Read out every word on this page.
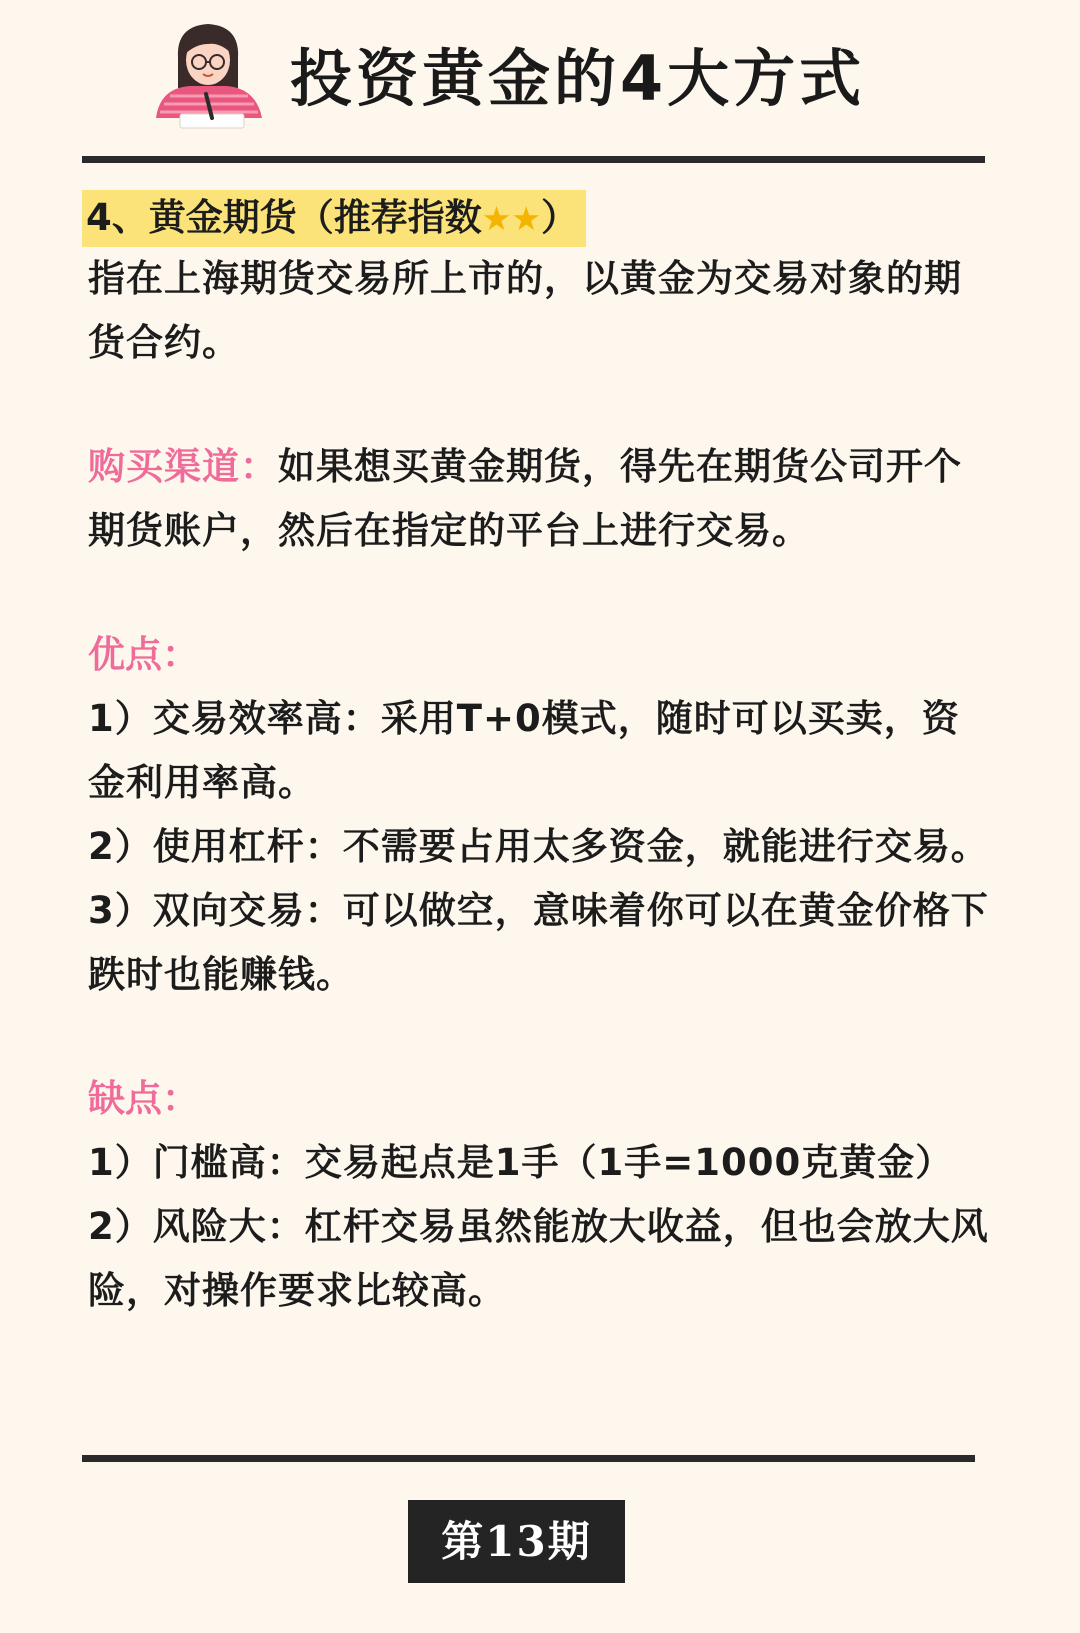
投资黄金的4大方式
4、黄金期货（推荐指数★★）

指在上海期货交易所上市的，以黄金为交易对象的期货合约。

购买渠道：如果想买黄金期货，得先在期货公司开个期货账户，然后在指定的平台上进行交易。

优点：

1）交易效率高：采用T+0模式，随时可以买卖，资金利用率高。

2）使用杠杆：不需要占用太多资金，就能进行交易。

3）双向交易：可以做空，意味着你可以在黄金价格下跌时也能赚钱。

缺点：

1）门槛高：交易起点是1手（1手=1000克黄金）

2）风险大：杠杆交易虽然能放大收益，但也会放大风险，对操作要求比较高。

第13期
